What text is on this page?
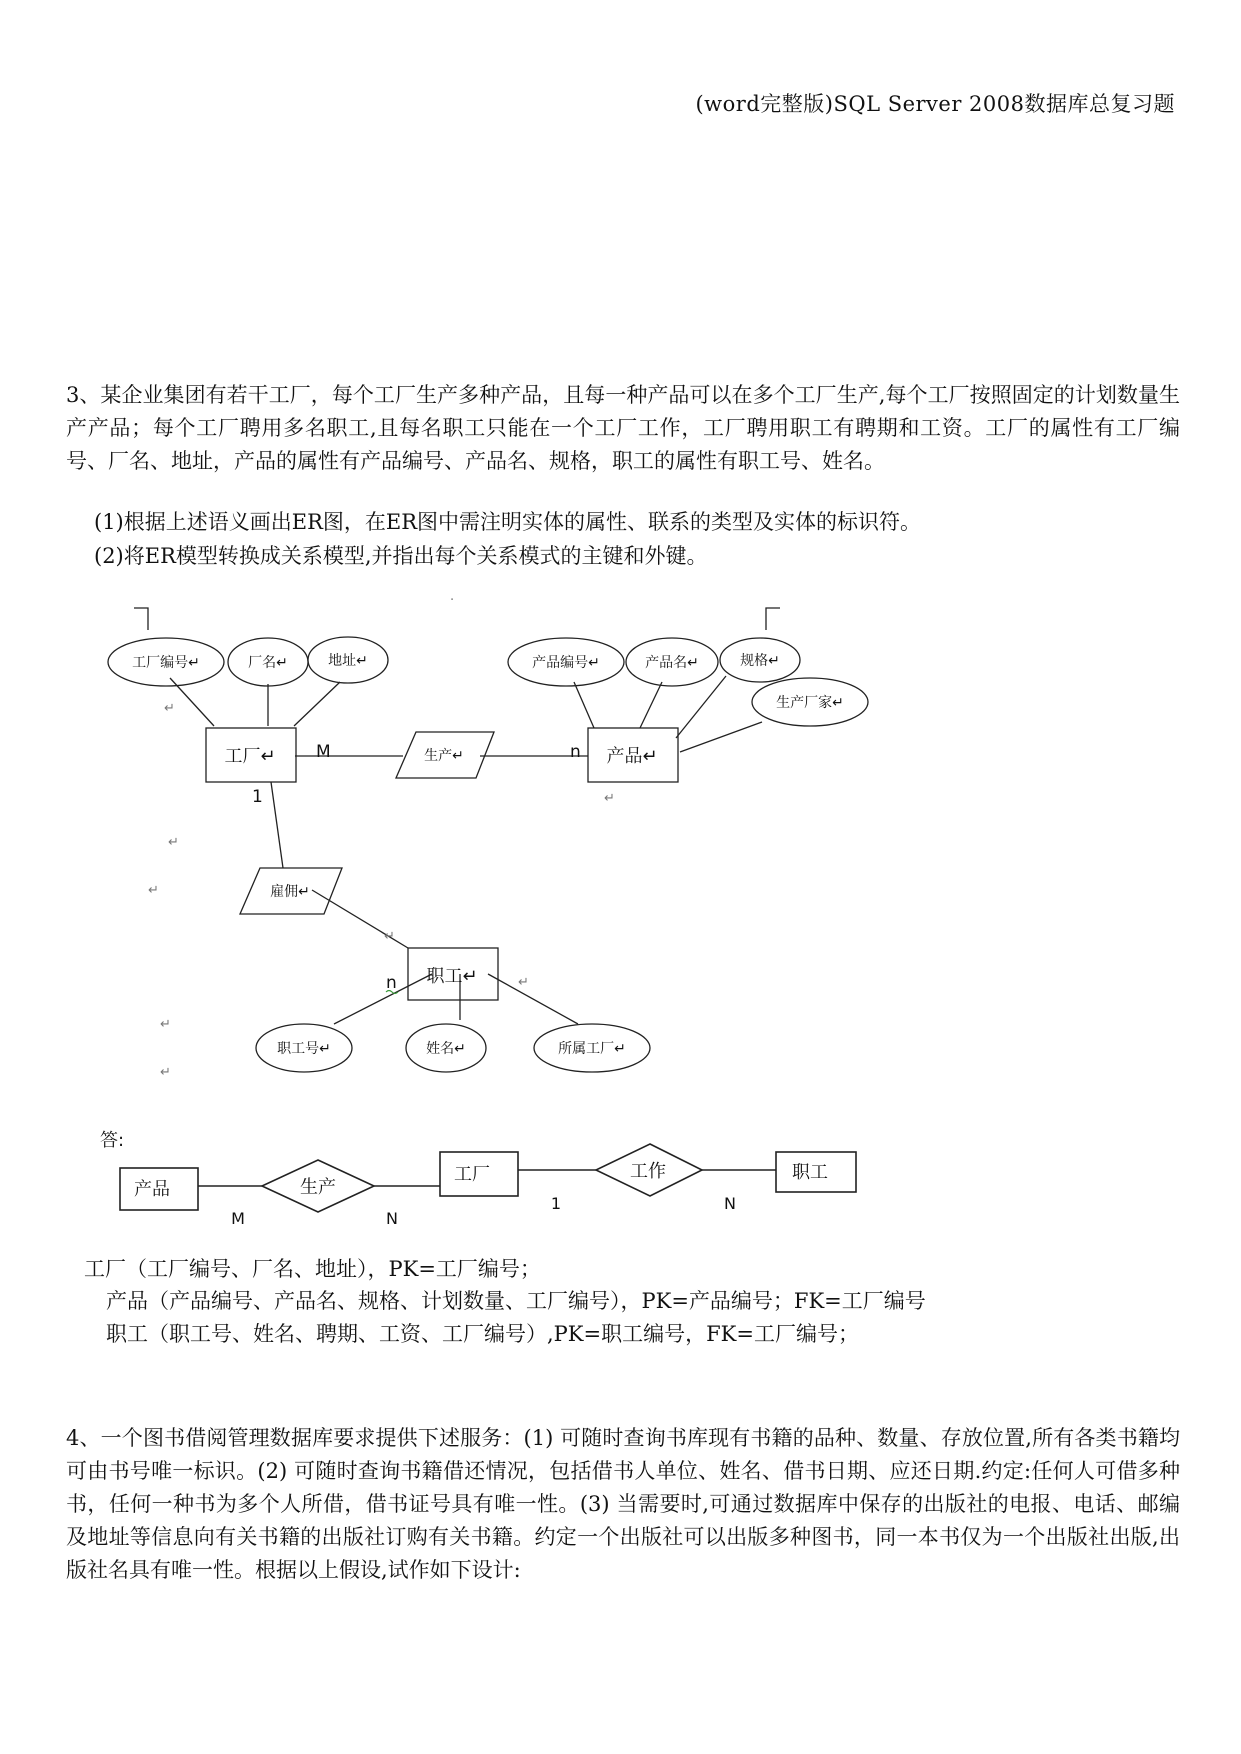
(word完整版)SQL Server 2008数据库总复习题
3、某企业集团有若干工厂，每个工厂生产多种产品，且每一种产品可以在多个工厂生产,每个工厂按照固定的计划数量生产产品；每个工厂聘用多名职工,且每名职工只能在一个工厂工作，工厂聘用职工有聘期和工资。工厂的属性有工厂编号、厂名、地址，产品的属性有产品编号、产品名、规格，职工的属性有职工号、姓名。
(1)根据上述语义画出ER图，在ER图中需注明实体的属性、联系的类型及实体的标识符。
(2)将ER模型转换成关系模型,并指出每个关系模式的主键和外键。
工厂编号↵	厂名↵	地址↵	产品编号↵	产品名↵	规格↵
生产厂家↵
职工号↵	姓名↵	所属工厂↵
生产↵
雇佣↵
工厂↵	产品↵
职工↵
M	n
1
n
↵
↵
↵
↵
↵
↵
↵
↵
·
答:
产品	生产
工厂	工作	职工
M	N
1	N
工厂（工厂编号、厂名、地址），PK=工厂编号；
产品（产品编号、产品名、规格、计划数量、工厂编号），PK=产品编号；FK=工厂编号
职工（职工号、姓名、聘期、工资、工厂编号）,PK=职工编号，FK=工厂编号；
4、一个图书借阅管理数据库要求提供下述服务：(1) 可随时查询书库现有书籍的品种、数量、存放位置,所有各类书籍均可由书号唯一标识。(2) 可随时查询书籍借还情况，包括借书人单位、姓名、借书日期、应还日期.约定:任何人可借多种书，任何一种书为多个人所借，借书证号具有唯一性。(3) 当需要时,可通过数据库中保存的出版社的电报、电话、邮编及地址等信息向有关书籍的出版社订购有关书籍。约定一个出版社可以出版多种图书，同一本书仅为一个出版社出版,出版社名具有唯一性。根据以上假设,试作如下设计:
